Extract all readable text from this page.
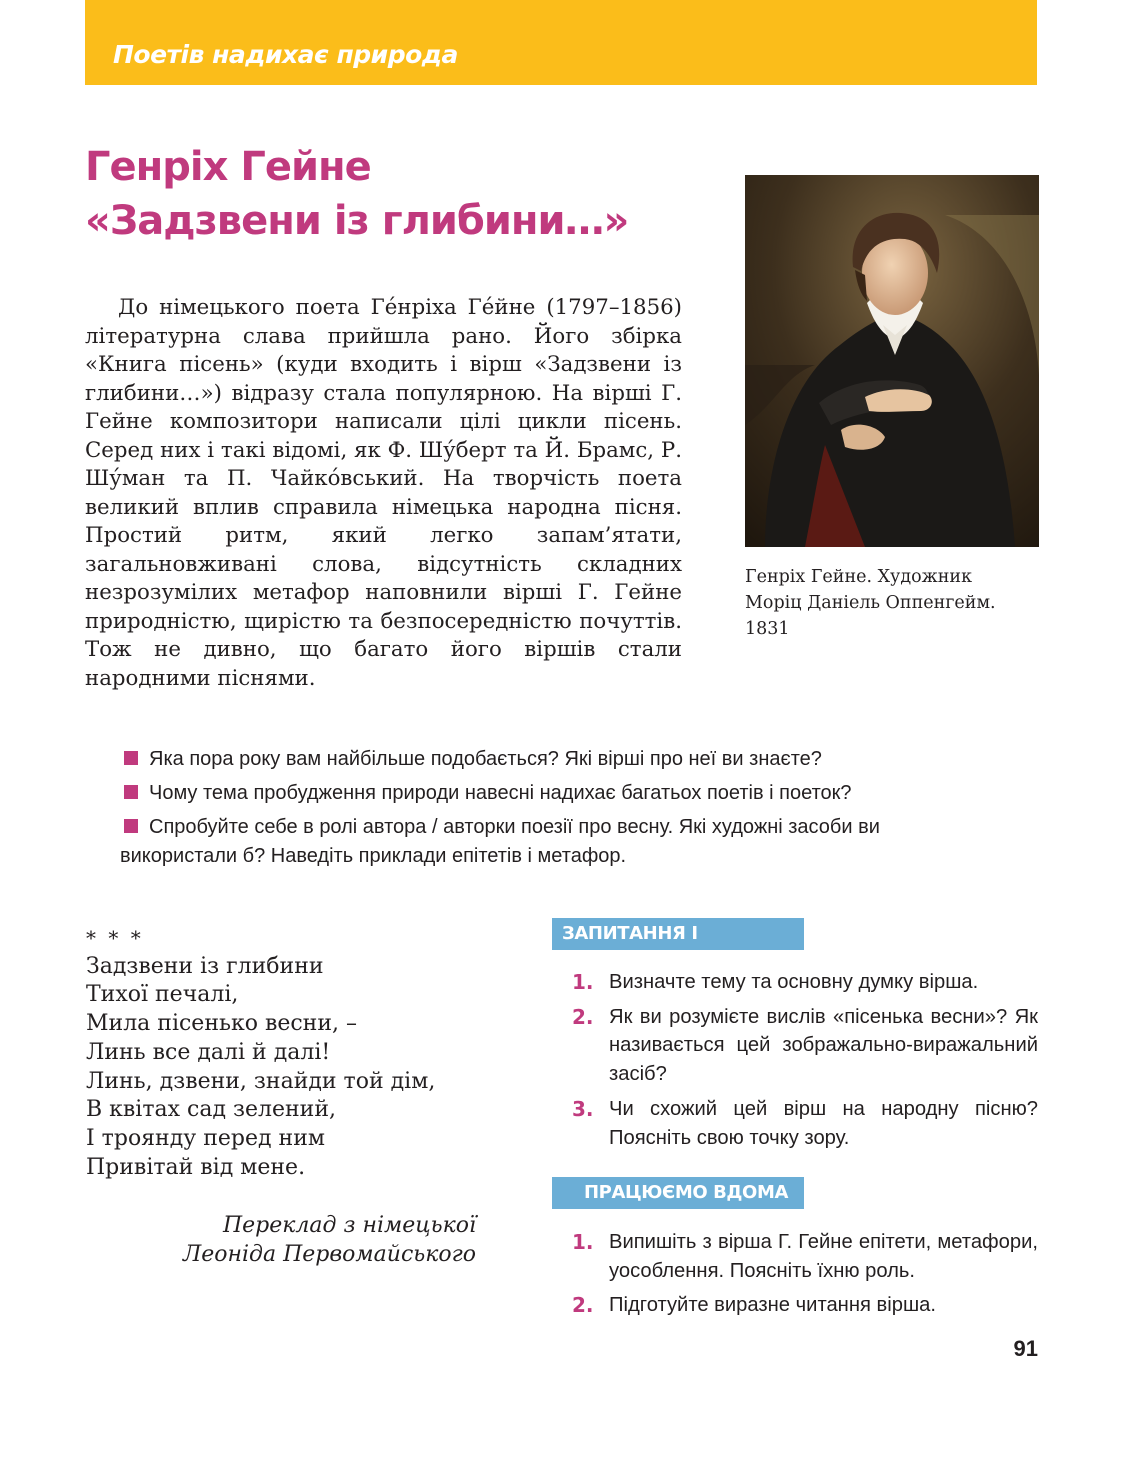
Поетів надихає природа
Генріх Гейне
«Задзвени із глибини…»
Генріх Гейне. Художник
Моріц Даніель Оппенгейм.
1831
До німецького поета Ге́нріха Ге́йне (1797–1856) літературна слава прийшла рано. Його збірка «Книга пісень» (куди входить і вірш «Задзвени із глибини…») відразу стала популярною. На вірші Г. Гейне композитори написали цілі цикли пісень. Серед них і такі відомі, як Ф. Шу́берт та Й. Брамс, Р. Шу́ман та П. Чайко́вський. На творчість поета великий вплив справила німецька народна пісня. Простий ритм, який легко запам’ятати, загальновживані слова, відсутність складних незрозумілих метафор наповнили вірші Г. Гейне природністю, щирістю та безпосередністю почуттів. Тож не дивно, що багато його віршів стали народними піснями.
Яка пора року вам найбільше подобається? Які вірші про неї ви знаєте?
Чому тема пробудження природи навесні надихає багатьох поетів і поеток?
Спробуйте себе в ролі автора / авторки поезії про весну. Які художні засоби ви використали б? Наведіть приклади епітетів і метафор.
* * *
Задзвени із глибини
Тихої печалі,
Мила пісенько весни, –
Линь все далі й далі!
Линь, дзвени, знайди той дім,
В квітах сад зелений,
І троянду перед ним
Привітай від мене.
Переклад з німецької
Леоніда Первомайського
ЗАПИТАННЯ І ЗАВДАННЯ
1. Визначте тему та основну думку вірша.
2. Як ви розумієте вислів «пісенька весни»? Як називається цей зображально-виражальний засіб?
3. Чи схожий цей вірш на народну пісню? Поясніть свою точку зору.
ПРАЦЮЄМО ВДОМА
1. Випишіть з вірша Г. Гейне епітети, метафори, уособлення. Поясніть їхню роль.
2. Підготуйте виразне читання вірша.
91
